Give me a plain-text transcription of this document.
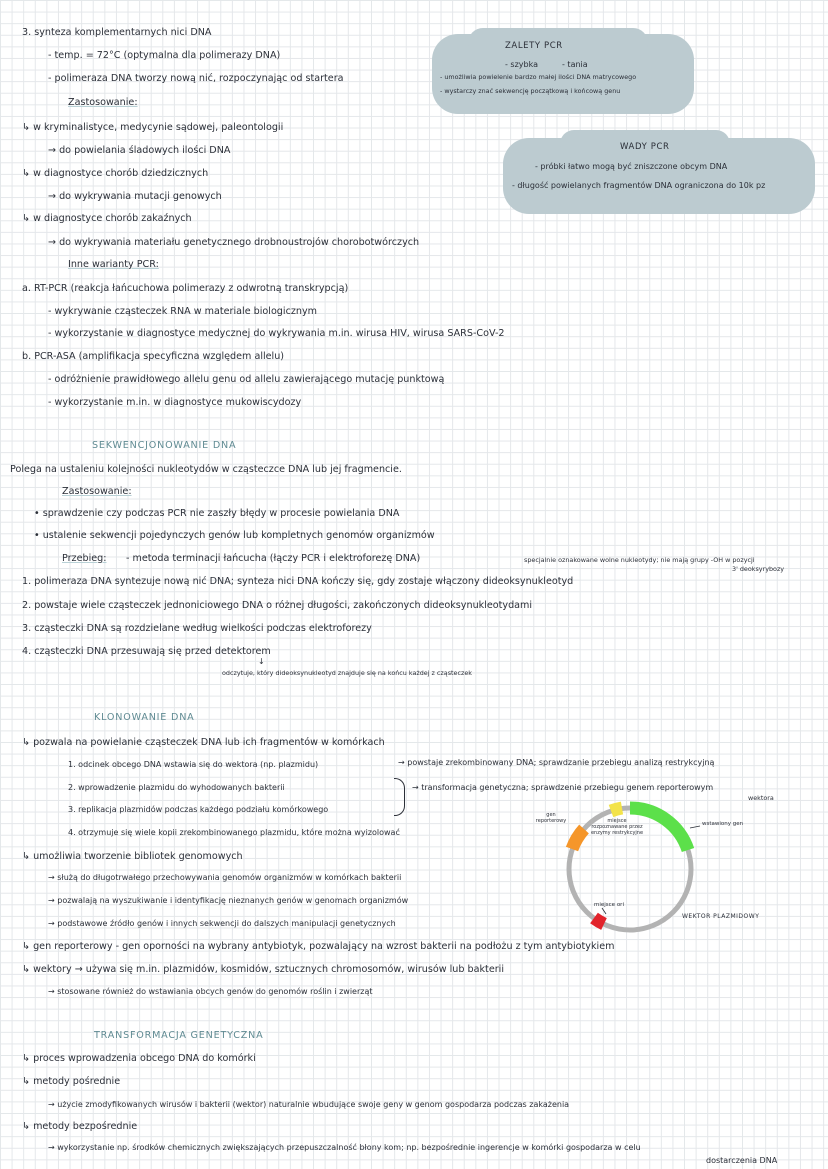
3. synteza komplementarnych nici DNA
- temp. = 72°C (optymalna dla polimerazy DNA)
- polimeraza DNA tworzy nową nić, rozpoczynając od startera
Zastosowanie:
↳ w kryminalistyce, medycynie sądowej, paleontologii
→ do powielania śladowych ilości DNA
↳ w diagnostyce chorób dziedzicznych
→ do wykrywania mutacji genowych
↳ w diagnostyce chorób zakaźnych
→ do wykrywania materiału genetycznego drobnoustrojów chorobotwórczych
Inne warianty PCR:
a. RT-PCR (reakcja łańcuchowa polimerazy z odwrotną transkrypcją)
- wykrywanie cząsteczek RNA w materiale biologicznym
- wykorzystanie w diagnostyce medycznej do wykrywania m.in. wirusa HIV, wirusa SARS-CoV-2
b. PCR-ASA (amplifikacja specyficzna względem allelu)
- odróżnienie prawidłowego allelu genu od allelu zawierającego mutację punktową
- wykorzystanie m.in. w diagnostyce mukowiscydozy
ZALETY PCR
- szybka	- tania
- umożliwia powielenie bardzo małej ilości DNA matrycowego
- wystarczy znać sekwencję początkową i końcową genu
WADY PCR
- próbki łatwo mogą być zniszczone obcym DNA
- długość powielanych fragmentów DNA ograniczona do 10k pz
SEKWENCJONOWANIE DNA
Polega na ustaleniu kolejności nukleotydów w cząsteczce DNA lub jej fragmencie.
Zastosowanie:
• sprawdzenie czy podczas PCR nie zaszły błędy w procesie powielania DNA
• ustalenie sekwencji pojedynczych genów lub kompletnych genomów organizmów
Przebieg: - metoda terminacji łańcucha (łączy PCR i elektroforezę DNA)	specjalnie oznakowane wolne nukleotydy; nie mają grupy -OH w pozycji
3' deoksyrybozy
1. polimeraza DNA syntezuje nową nić DNA; synteza nici DNA kończy się, gdy zostaje włączony dideoksynukleotyd
2. powstaje wiele cząsteczek jednoniciowego DNA o różnej długości, zakończonych dideoksynukleotydami
3. cząsteczki DNA są rozdzielane według wielkości podczas elektroforezy
4. cząsteczki DNA przesuwają się przed detektorem
↓
odczytuje, który dideoksynukleotyd znajduje się na końcu każdej z cząsteczek
KLONOWANIE DNA
↳ pozwala na powielanie cząsteczek DNA lub ich fragmentów w komórkach
1. odcinek obcego DNA wstawia się do wektora (np. plazmidu)
2. wprowadzenie plazmidu do wyhodowanych bakterii
3. replikacja plazmidów podczas każdego podziału komórkowego
4. otrzymuje się wiele kopii zrekombinowanego plazmidu, które można wyizolować
→ powstaje zrekombinowany DNA; sprawdzanie przebiegu analizą restrykcyjną
→ transformacja genetyczna; sprawdzenie przebiegu genem reporterowym
wektora
↳ umożliwia tworzenie bibliotek genomowych
→ służą do długotrwałego przechowywania genomów organizmów w komórkach bakterii
→ pozwalają na wyszukiwanie i identyfikację nieznanych genów w genomach organizmów
→ podstawowe źródło genów i innych sekwencji do dalszych manipulacji genetycznych
↳ gen reporterowy - gen oporności na wybrany antybiotyk, pozwalający na wzrost bakterii na podłożu z tym antybiotykiem
↳ wektory → używa się m.in. plazmidów, kosmidów, sztucznych chromosomów, wirusów lub bakterii
→ stosowane również do wstawiania obcych genów do genomów roślin i zwierząt
gen reporterowy	miejsce rozpoznawane przez enzymy restrykcyjne
wstawiony gen
miejsce ori
WEKTOR PLAZMIDOWY
TRANSFORMACJA GENETYCZNA
↳ proces wprowadzenia obcego DNA do komórki
↳ metody pośrednie
→ użycie zmodyfikowanych wirusów i bakterii (wektor) naturalnie wbudujące swoje geny w genom gospodarza podczas zakażenia
↳ metody bezpośrednie
→ wykorzystanie np. środków chemicznych zwiększających przepuszczalność błony kom; np. bezpośrednie ingerencje w komórki gospodarza w celu
dostarczenia DNA
